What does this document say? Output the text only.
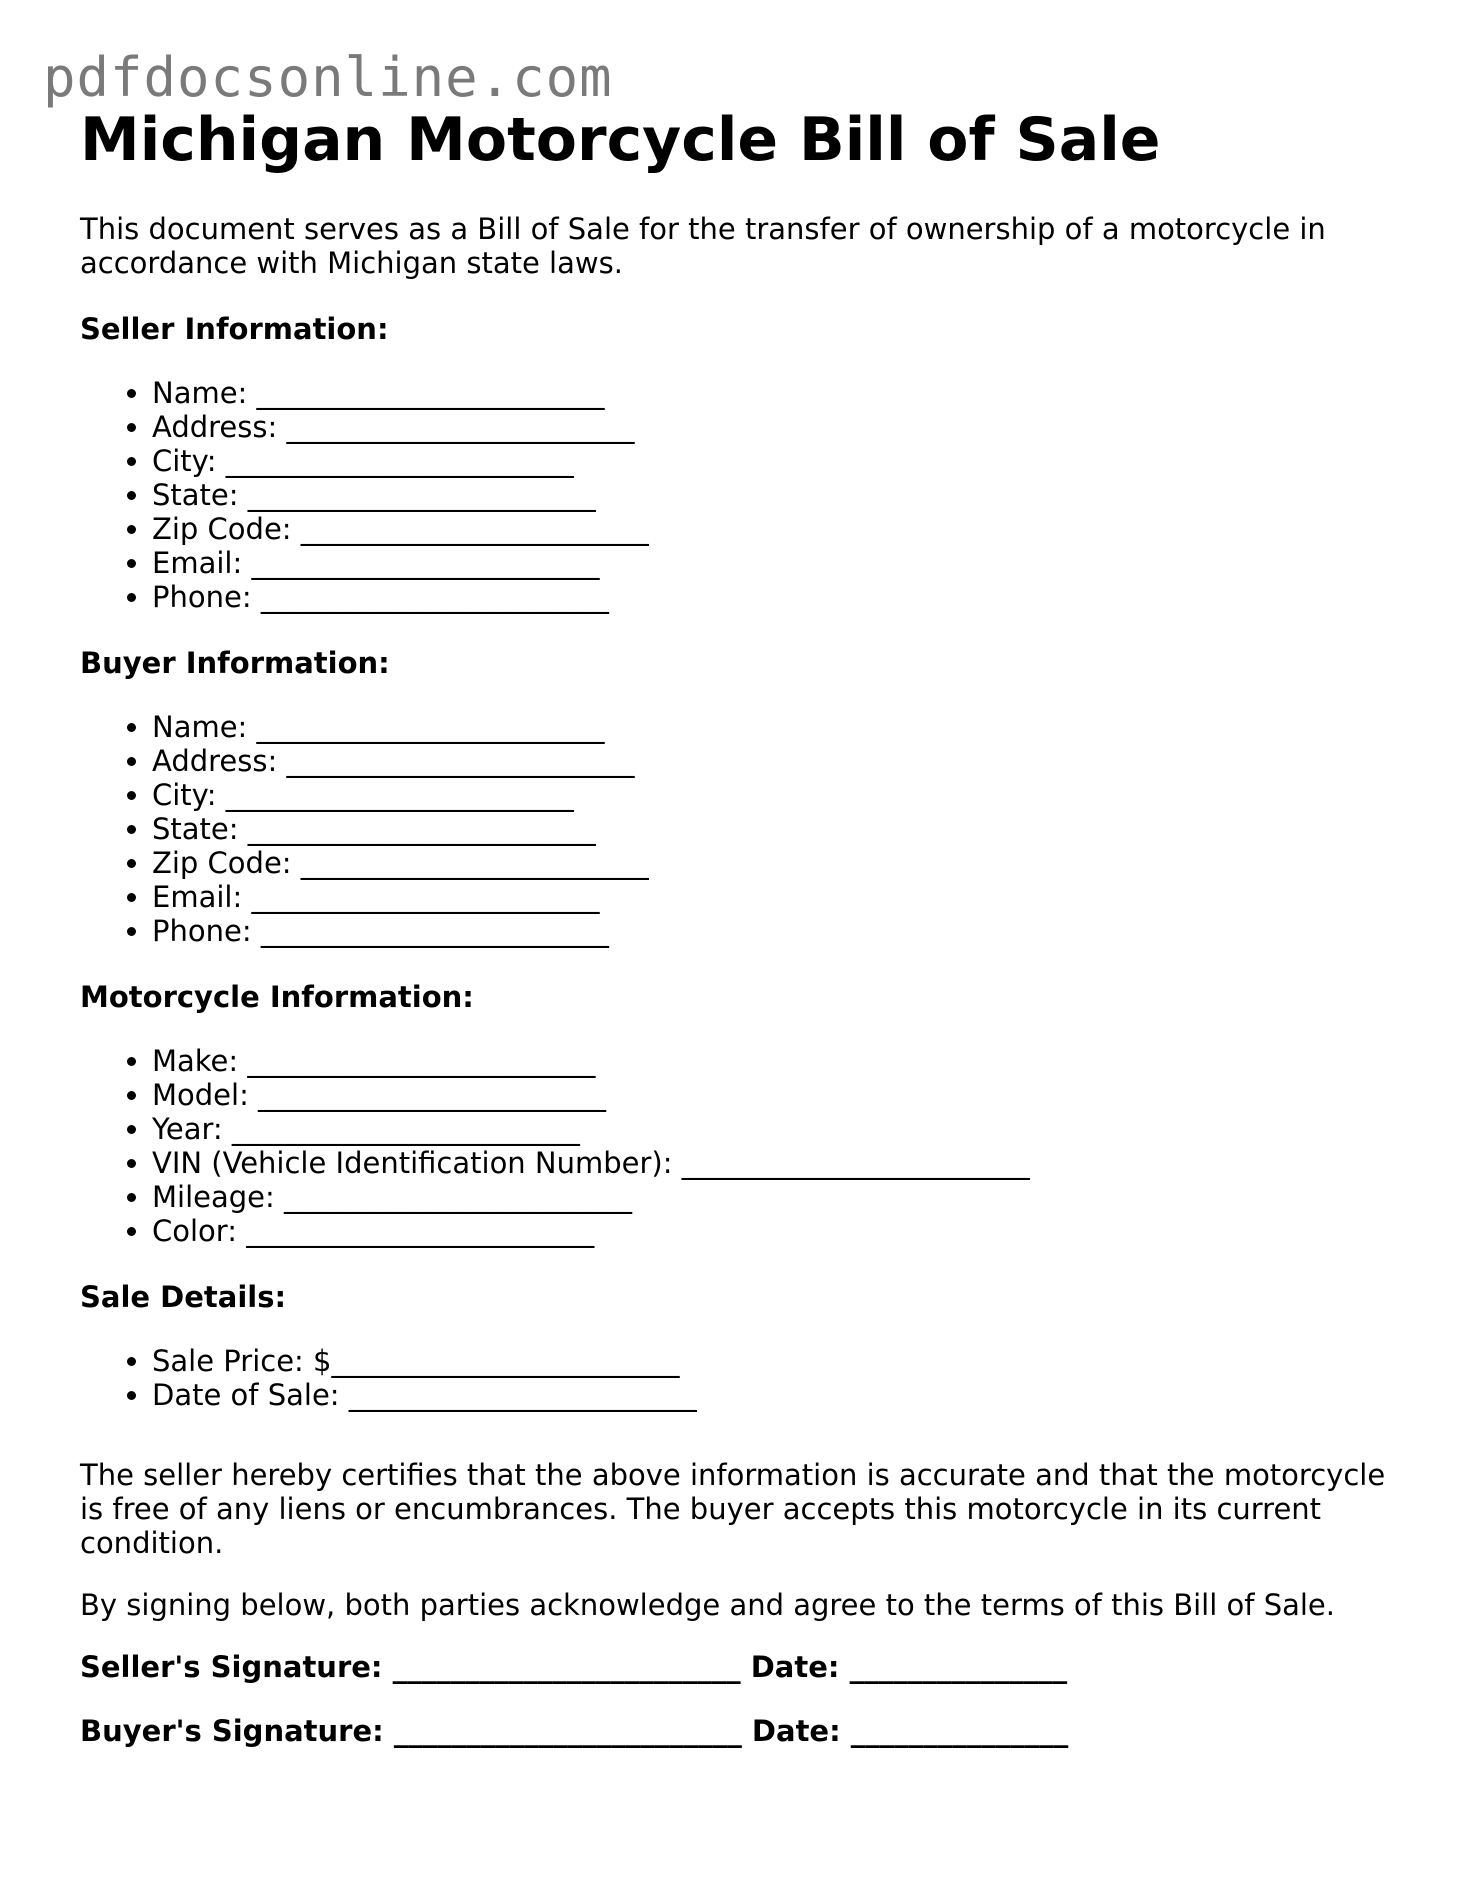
pdfdocsonline.com
Michigan Motorcycle Bill of Sale

This document serves as a Bill of Sale for the transfer of ownership of a motorcycle in accordance with Michigan state laws.

Seller Information:
• Name: ________________________
• Address: ________________________
• City: ________________________
• State: ________________________
• Zip Code: ________________________
• Email: ________________________
• Phone: ________________________
Buyer Information:
• Name: ________________________
• Address: ________________________
• City: ________________________
• State: ________________________
• Zip Code: ________________________
• Email: ________________________
• Phone: ________________________
Motorcycle Information:
• Make: ________________________
• Model: ________________________
• Year: ________________________
• VIN (Vehicle Identification Number): ________________________
• Mileage: ________________________
• Color: ________________________
Sale Details:
• Sale Price: $________________________
• Date of Sale: ________________________

The seller hereby certifies that the above information is accurate and that the motorcycle is free of any liens or encumbrances. The buyer accepts this motorcycle in its current condition.

By signing below, both parties acknowledge and agree to the terms of this Bill of Sale.

Seller's Signature: ________________________ Date: _______________

Buyer's Signature: ________________________ Date: _______________
